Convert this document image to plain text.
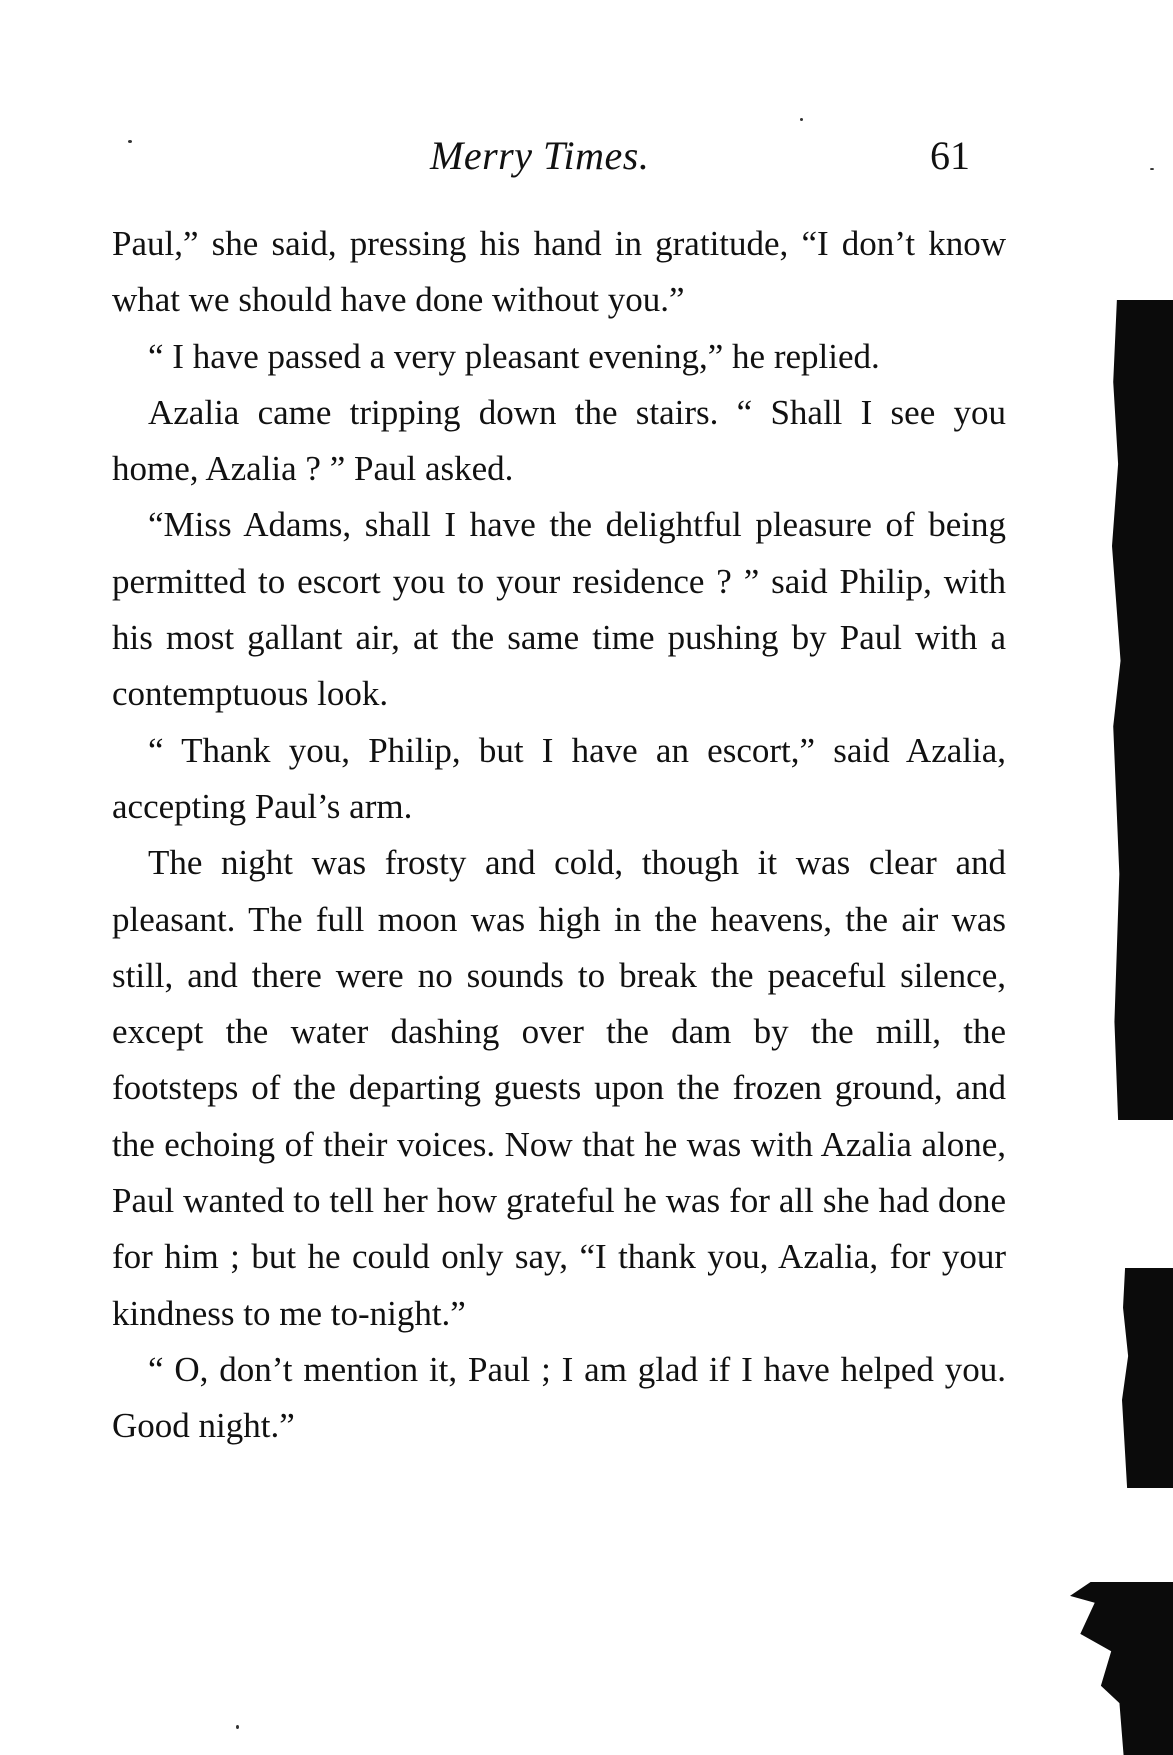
Merry Times.	61

Paul,” she said, pressing his hand in gratitude, “I don’t know what we should have done without you.”

“ I have passed a very pleasant evening,” he replied.

Azalia came tripping down the stairs. “ Shall I see you home, Azalia ? ” Paul asked.

“Miss Adams, shall I have the delightful pleasure of being permitted to escort you to your residence ? ” said Philip, with his most gallant air, at the same time pushing by Paul with a contemptuous look.

“ Thank you, Philip, but I have an escort,” said Azalia, accepting Paul’s arm.

The night was frosty and cold, though it was clear and pleasant. The full moon was high in the heavens, the air was still, and there were no sounds to break the peaceful silence, except the water dashing over the dam by the mill, the footsteps of the departing guests upon the frozen ground, and the echoing of their voices. Now that he was with Azalia alone, Paul wanted to tell her how grateful he was for all she had done for him ; but he could only say, “I thank you, Azalia, for your kindness to me to-night.”

“ O, don’t mention it, Paul ; I am glad if I have helped you. Good night.”
